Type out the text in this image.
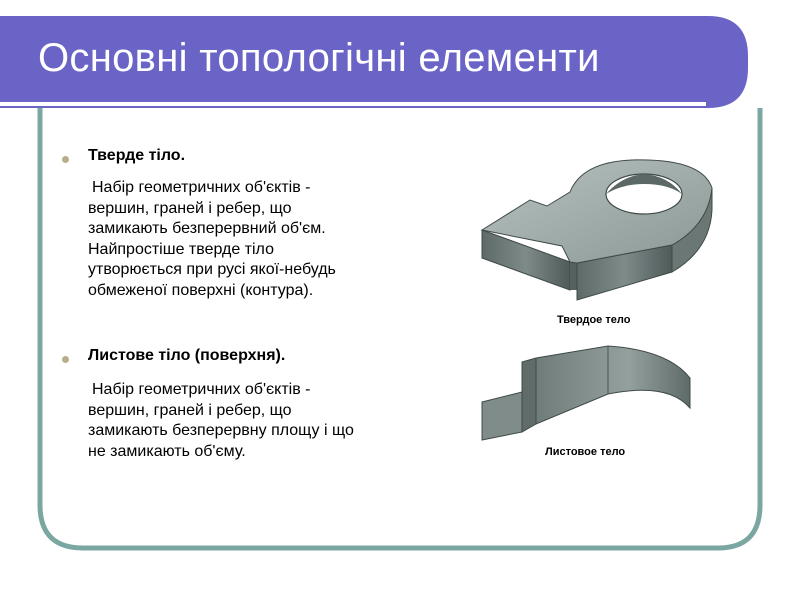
Основні топологічні елементи
Тверде тіло.
Набір геометричних об'єктів -
вершин, граней і ребер, що
замикають безперервний об'єм.
Найпростіше тверде тіло
утворюється при русі якої-небудь
обмеженої поверхні (контура).
Листове тіло (поверхня).
Набір геометричних об'єктів -
вершин, граней і ребер, що
замикають безперервну площу і що
не замикають об'єму.
Твердое тело
Листовое тело
